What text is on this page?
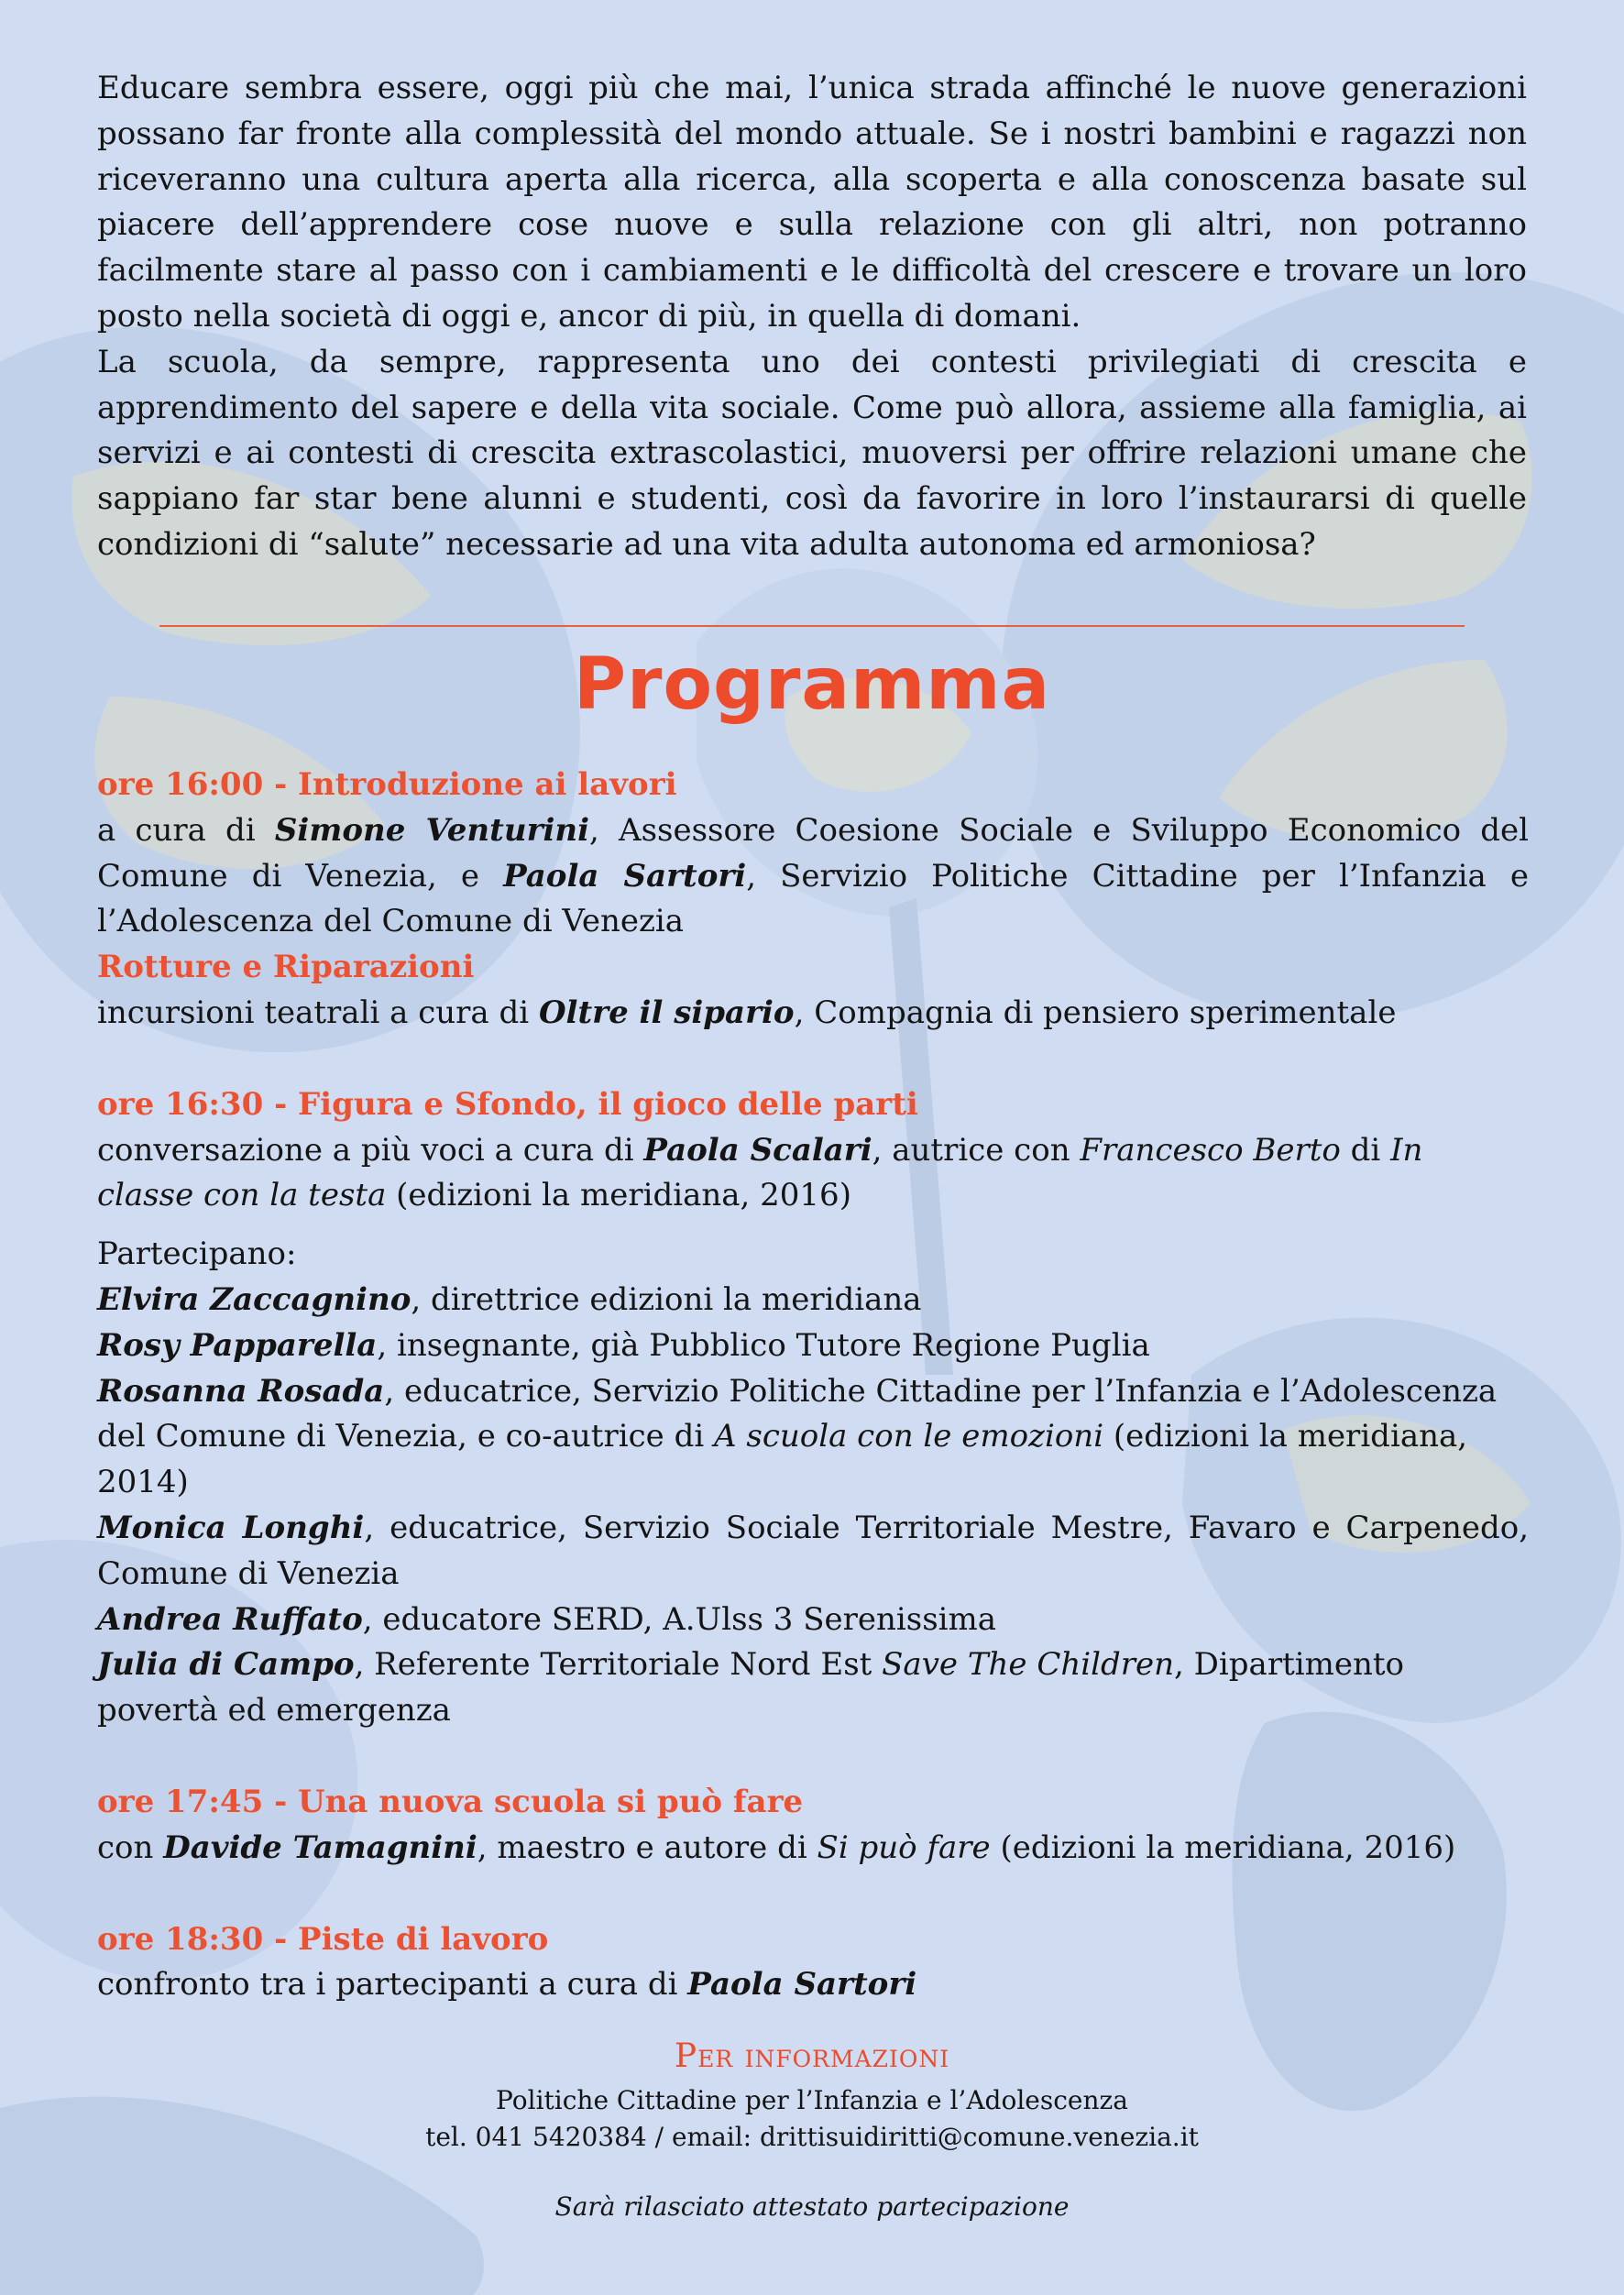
Educare sembra essere, oggi più che mai, l’unica strada affinché le nuove generazioni possano far fronte alla complessità del mondo attuale. Se i nostri bambini e ragazzi non riceveranno una cultura aperta alla ricerca, alla scoperta e alla conoscenza basate sul piacere dell’apprendere cose nuove e sulla relazione con gli altri, non potranno facilmente stare al passo con i cambiamenti e le difficoltà del crescere e trovare un loro posto nella società di oggi e, ancor di più, in quella di domani.

La scuola, da sempre, rappresenta uno dei contesti privilegiati di crescita e apprendimento del sapere e della vita sociale. Come può allora, assieme alla famiglia, ai servizi e ai contesti di crescita extrascolastici, muoversi per offrire relazioni umane che sappiano far star bene alunni e studenti, così da favorire in loro l’instaurarsi di quelle condizioni di “salute” necessarie ad una vita adulta autonoma ed armoniosa?

Programma

ore 16:00 - Introduzione ai lavori

a cura di Simone Venturini, Assessore Coesione Sociale e Sviluppo Economico del Comune di Venezia, e Paola Sartori, Servizio Politiche Cittadine per l’Infanzia e l’Adolescenza del Comune di Venezia

Rotture e Riparazioni

incursioni teatrali a cura di Oltre il sipario, Compagnia di pensiero sperimentale

ore 16:30 - Figura e Sfondo, il gioco delle parti

conversazione a più voci a cura di Paola Scalari, autrice con Francesco Berto di In classe con la testa (edizioni la meridiana, 2016)

Partecipano:

Elvira Zaccagnino, direttrice edizioni la meridiana

Rosy Papparella, insegnante, già Pubblico Tutore Regione Puglia

Rosanna Rosada, educatrice, Servizio Politiche Cittadine per l’Infanzia e l’Adolescenza del Comune di Venezia, e co-autrice di A scuola con le emozioni (edizioni la meridiana, 2014)

Monica Longhi, educatrice, Servizio Sociale Territoriale Mestre, Favaro e Carpenedo, Comune di Venezia

Andrea Ruffato, educatore SERD, A.Ulss 3 Serenissima

Julia di Campo, Referente Territoriale Nord Est Save The Children, Dipartimento povertà ed emergenza

ore 17:45 - Una nuova scuola si può fare

con Davide Tamagnini, maestro e autore di Si può fare (edizioni la meridiana, 2016)

ore 18:30 - Piste di lavoro

confronto tra i partecipanti a cura di Paola Sartori

Per informazioni
Politiche Cittadine per l’Infanzia e l’Adolescenza
tel. 041 5420384 / email: drittisuidiritti@comune.venezia.it
Sarà rilasciato attestato partecipazione
